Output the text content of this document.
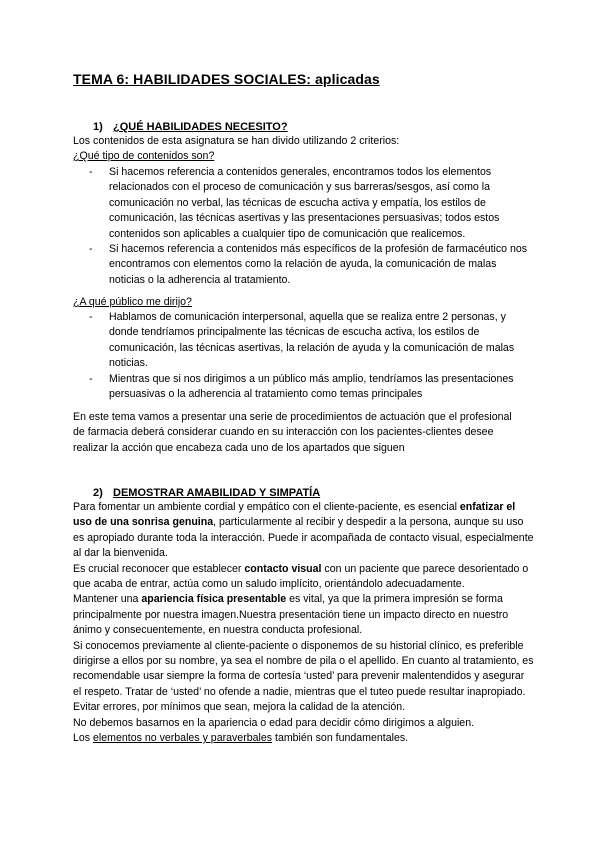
TEMA 6: HABILIDADES SOCIALES: aplicadas
1) ¿QUÉ HABILIDADES NECESITO?

Los contenidos de esta asignatura se han divido utilizando 2 criterios:

¿Qué tipo de contenidos son?

- Si hacemos referencia a contenidos generales, encontramos todos los elementos relacionados con el proceso de comunicación y sus barreras/sesgos, así como la comunicación no verbal, las técnicas de escucha activa y empatía, los estilos de comunicación, las técnicas asertivas y las presentaciones persuasivas; todos estos contenidos son aplicables a cualquier tipo de comunicación que realicemos.
- Si hacemos referencia a contenidos más específicos de la profesión de farmacéutico nos encontramos con elementos como la relación de ayuda, la comunicación de malas noticias o la adherencia al tratamiento.

¿A qué público me dirijo?

- Hablamos de comunicación interpersonal, aquella que se realiza entre 2 personas, y donde tendríamos principalmente las técnicas de escucha activa, los estilos de comunicación, las técnicas asertivas, la relación de ayuda y la comunicación de malas noticias.
- Mientras que si nos dirigimos a un público más amplio, tendríamos las presentaciones persuasivas o la adherencia al tratamiento como temas principales

En este tema vamos a presentar una serie de procedimientos de actuación que el profesional de farmacia deberá considerar cuando en su interacción con los pacientes-clientes desee realizar la acción que encabeza cada uno de los apartados que siguen

2) DEMOSTRAR AMABILIDAD Y SIMPATÍA
Para fomentar un ambiente cordial y empático con el cliente-paciente, es esencial enfatizar el uso de una sonrisa genuina, particularmente al recibir y despedir a la persona, aunque su uso es apropiado durante toda la interacción. Puede ir acompañada de contacto visual, especialmente al dar la bienvenida.
Es crucial reconocer que establecer contacto visual con un paciente que parece desorientado o que acaba de entrar, actúa como un saludo implícito, orientándolo adecuadamente.
Mantener una apariencia física presentable es vital, ya que la primera impresión se forma principalmente por nuestra imagen.Nuestra presentación tiene un impacto directo en nuestro ánimo y consecuentemente, en nuestra conducta profesional.
Si conocemos previamente al cliente-paciente o disponemos de su historial clínico, es preferible dirigirse a ellos por su nombre, ya sea el nombre de pila o el apellido. En cuanto al tratamiento, es recomendable usar siempre la forma de cortesía ‘usted’ para prevenir malentendidos y asegurar el respeto. Tratar de ‘usted’ no ofende a nadie, mientras que el tuteo puede resultar inapropiado. Evitar errores, por mínimos que sean, mejora la calidad de la atención.
No debemos basarnos en la apariencia o edad para decidir cómo dirigimos a alguien.
Los elementos no verbales y paraverbales también son fundamentales.
